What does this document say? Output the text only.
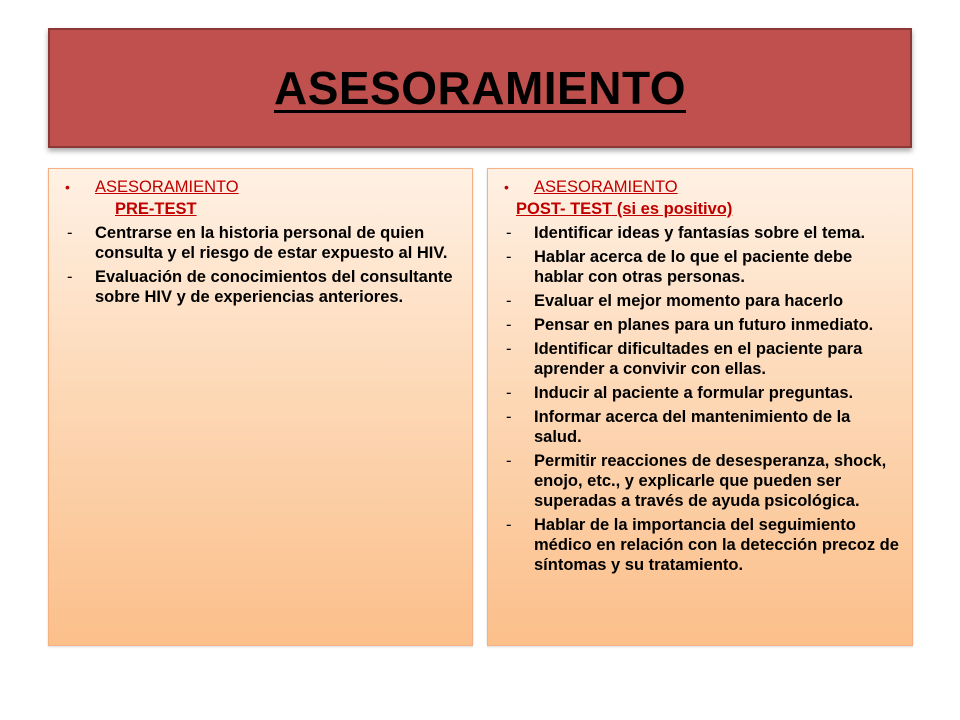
ASESORAMIENTO
•	ASESORAMIENTO
PRE-TEST
-	Centrarse en la historia personal de quien consulta y el riesgo de estar expuesto al HIV.
-	Evaluación de conocimientos del consultante sobre HIV y de experiencias anteriores.
•	ASESORAMIENTO
POST- TEST (si es positivo)
-	Identificar ideas y fantasías sobre el tema.
-	Hablar acerca de lo que el paciente debe hablar con otras personas.
-	Evaluar el mejor momento para hacerlo
-	Pensar en planes para un futuro inmediato.
-	Identificar dificultades en el paciente para aprender a convivir con ellas.
-	Inducir al paciente a formular preguntas.
-	Informar acerca del mantenimiento de la salud.
-	Permitir reacciones de desesperanza, shock, enojo, etc., y explicarle que pueden ser superadas a través de ayuda psicológica.
-	Hablar de la importancia del seguimiento médico en relación con la detección precoz de síntomas y su tratamiento.
